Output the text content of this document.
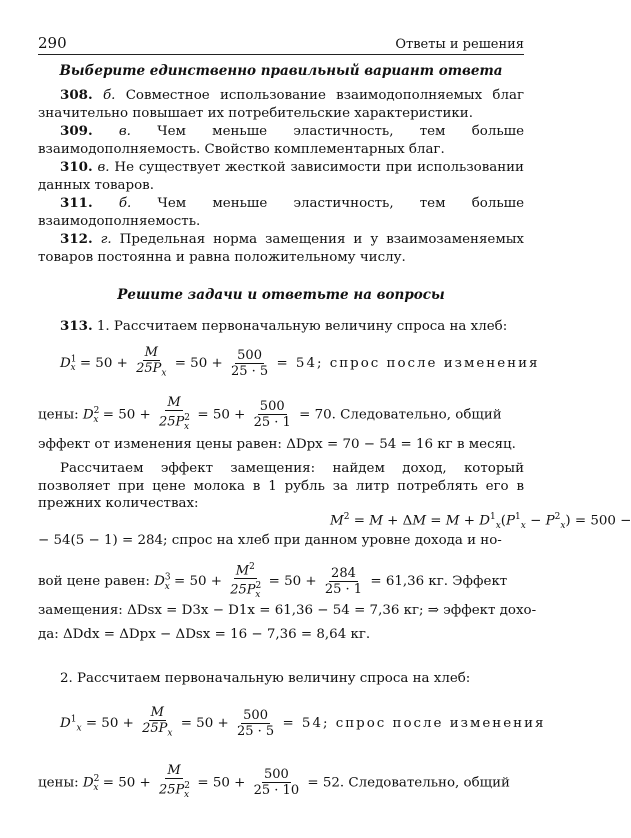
290	Ответы и решения
Выберите единственно правильный вариант ответа
308. б. Совместное использование взаимодополняемых благ значительно повышает их потребительские характеристики.
309. в. Чем меньше эластичность, тем больше взаимодополняемость. Свойство комплементарных благ.
310. в. Не существует жесткой зависимости при использовании данных товаров.
311. б. Чем меньше эластичность, тем больше взаимодополняемость.
312. г. Предельная норма замещения и у взаимозаменяемых товаров постоянна и равна положительному числу.
Решите задачи и ответьте на вопросы
313. 1. Рассчитаем первоначальную величину спроса на хлеб:
$D^1_x = 50 + \frac{M}{25P_x} = 50 + \frac{500}{25 \cdot 5} = 54$; спрос после изменения
цены: $D^2_x = 50 + \frac{M}{25P^2_x} = 50 + \frac{500}{25 \cdot 1} = 70$. Следовательно, общий
эффект от изменения цены равен: ΔDpx = 70 − 54 = 16 кг в месяц.
Рассчитаем эффект замещения: найдем доход, который позволяет при цене молока в 1 рубль за литр потреблять его в прежних количествах:
$M^2 = M + \Delta M = M + D^1_x(P^1_x - P^2_x) = 500$ −
− 54(5 − 1) = 284; спрос на хлеб при данном уровне дохода и но-
вой цене равен: $D^3_x = 50 + \frac{M^2}{25P^2_x} = 50 + \frac{284}{25 \cdot 1} = 61,36$ кг. Эффект
замещения: ΔDsx = D3x − D1x = 61,36 − 54 = 7,36 кг; ⇒ эффект дохо-
да: ΔDdx = ΔDpx − ΔDsx = 16 − 7,36 = 8,64 кг.
2. Рассчитаем первоначальную величину спроса на хлеб:
$D^1_x = 50 + \frac{M}{25P_x} = 50 + \frac{500}{25 \cdot 5} = 54$; спрос после изменения
цены: $D^2_x = 50 + \frac{M}{25P^2_x} = 50 + \frac{500}{25 \cdot 10} = 52$. Следовательно, общий
